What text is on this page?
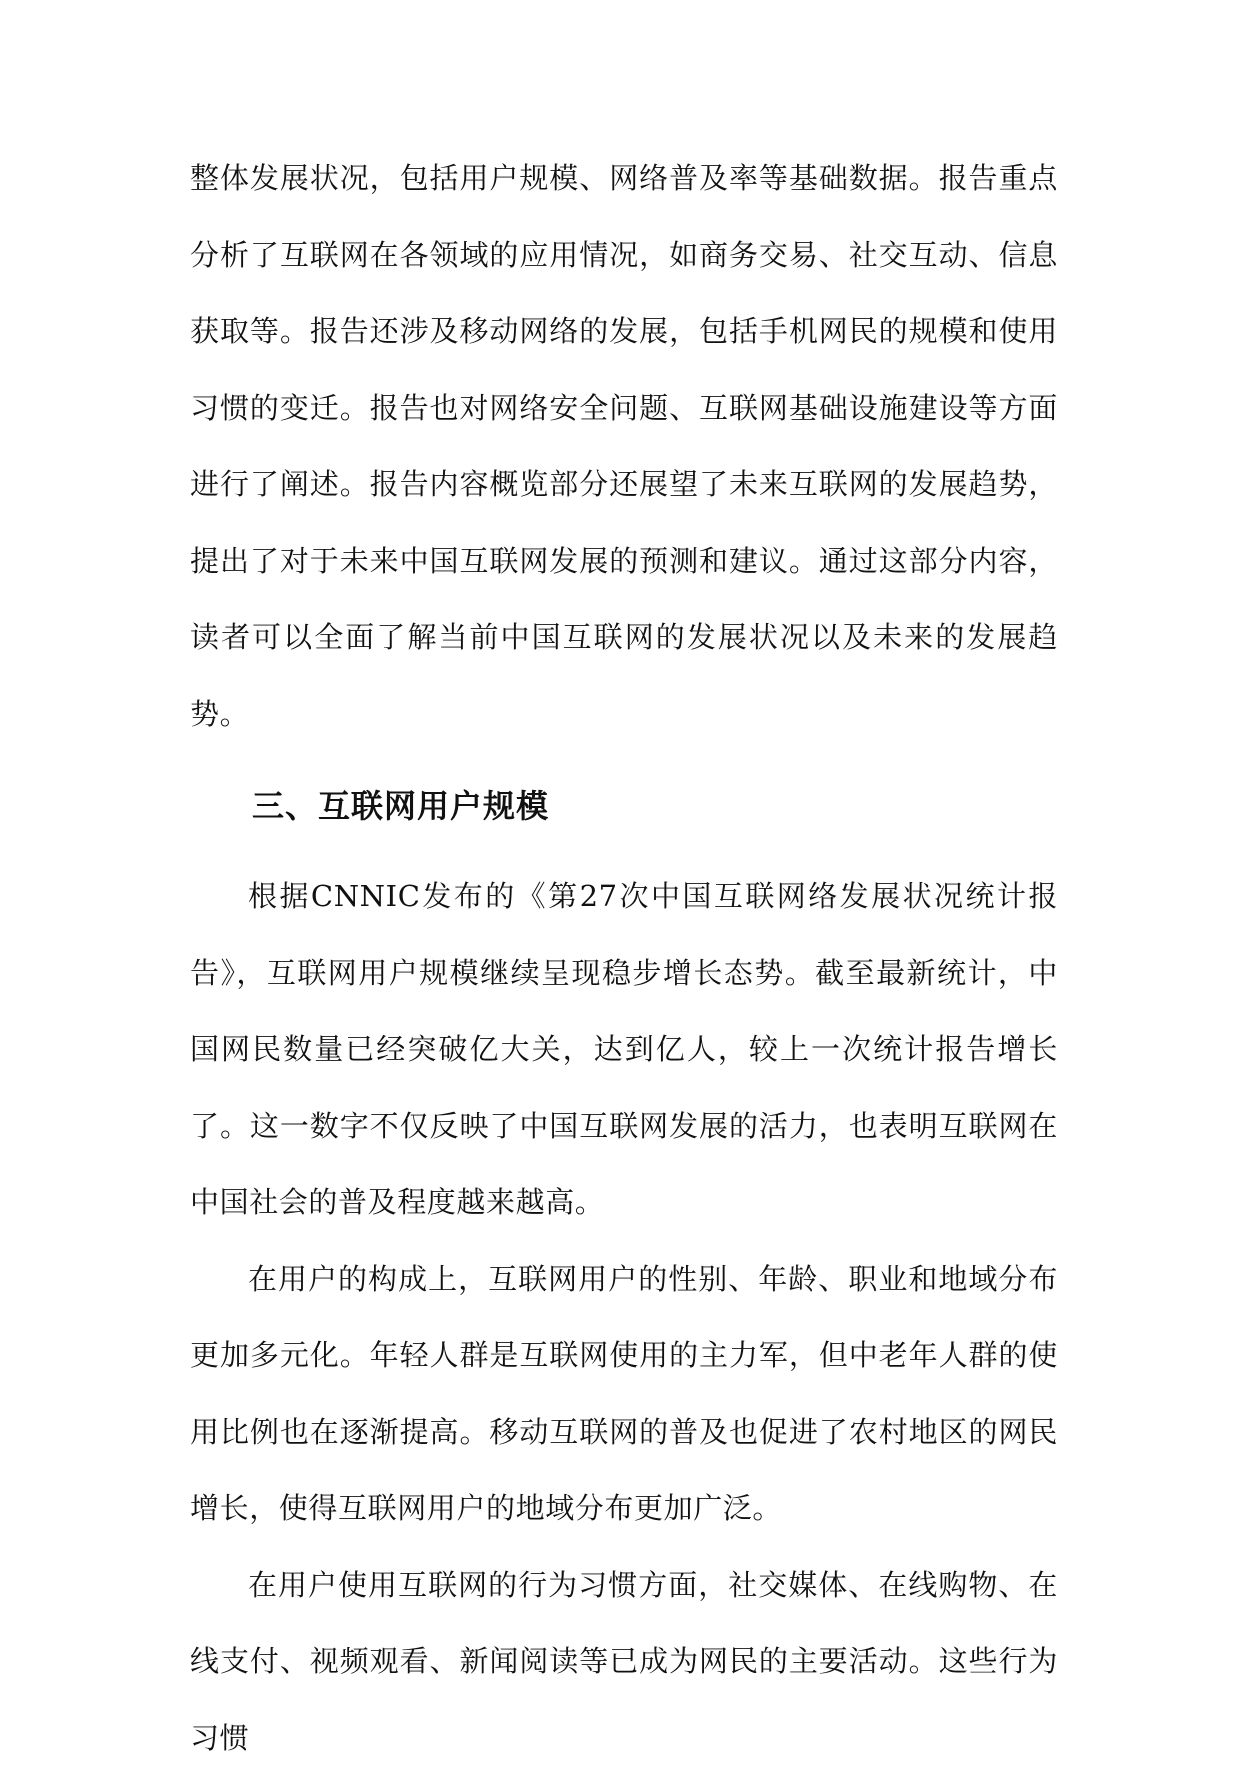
整体发展状况，包括用户规模、网络普及率等基础数据。报告重点分析了互联网在各领域的应用情况，如商务交易、社交互动、信息获取等。报告还涉及移动网络的发展，包括手机网民的规模和使用习惯的变迁。报告也对网络安全问题、互联网基础设施建设等方面进行了阐述。报告内容概览部分还展望了未来互联网的发展趋势，提出了对于未来中国互联网发展的预测和建议。通过这部分内容，读者可以全面了解当前中国互联网的发展状况以及未来的发展趋势。

三、互联网用户规模

根据CNNIC发布的《第27次中国互联网络发展状况统计报告》，互联网用户规模继续呈现稳步增长态势。截至最新统计，中国网民数量已经突破亿大关，达到亿人，较上一次统计报告增长了。这一数字不仅反映了中国互联网发展的活力，也表明互联网在中国社会的普及程度越来越高。

在用户的构成上，互联网用户的性别、年龄、职业和地域分布更加多元化。年轻人群是互联网使用的主力军，但中老年人群的使用比例也在逐渐提高。移动互联网的普及也促进了农村地区的网民增长，使得互联网用户的地域分布更加广泛。

在用户使用互联网的行为习惯方面，社交媒体、在线购物、在线支付、视频观看、新闻阅读等已成为网民的主要活动。这些行为习惯
